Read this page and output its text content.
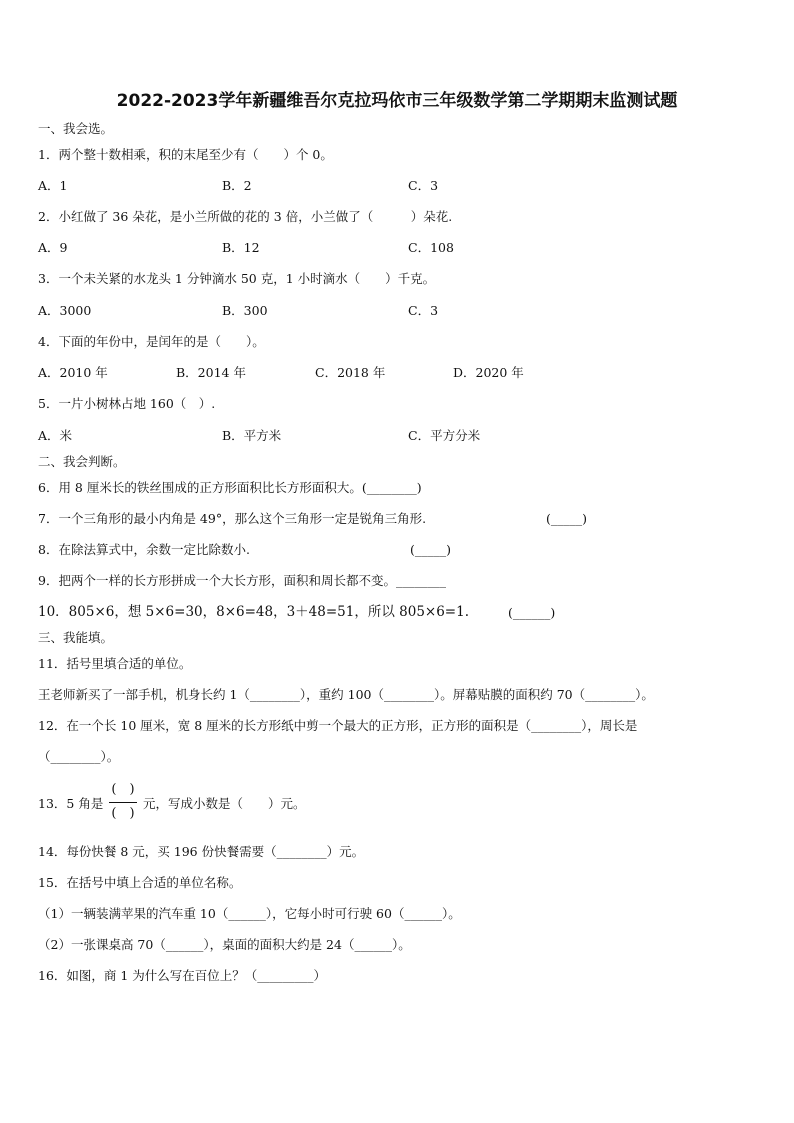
2022-2023学年新疆维吾尔克拉玛依市三年级数学第二学期期末监测试题
一、我会选。
1．两个整十数相乘，积的末尾至少有（　　）个 0。
A．1	B．2	C．3
2．小红做了 36 朵花，是小兰所做的花的 3 倍，小兰做了（　　　）朵花.
A．9	B．12	C．108
3．一个未关紧的水龙头 1 分钟滴水 50 克，1 小时滴水（　　）千克。
A．3000	B．300	C．3
4．下面的年份中，是闰年的是（　　）。
A．2010 年	B．2014 年	C．2018 年	D．2020 年
5．一片小树林占地 160（　）.
A．米	B．平方米	C．平方分米
二、我会判断。
6．用 8 厘米长的铁丝围成的正方形面积比长方形面积大。(________)
7．一个三角形的最小内角是 49°，那么这个三角形一定是锐角三角形.	(_____)
8．在除法算式中，余数一定比除数小.	(_____)
9．把两个一样的长方形拼成一个大长方形，面积和周长都不变。________
10．805×6，想 5×6=30，8×6=48，3＋48=51，所以 805×6=1.	(______)
三、我能填。
11．括号里填合适的单位。
王老师新买了一部手机，机身长约 1（________），重约 100（________）。屏幕贴膜的面积约 70（________）。
12．在一个长 10 厘米，宽 8 厘米的长方形纸中剪一个最大的正方形，正方形的面积是（________），周长是
（________）。
13．5 角是
(　)
(　)
元，写成小数是（　　）元。
14．每份快餐 8 元，买 196 份快餐需要（________）元。
15．在括号中填上合适的单位名称。
（1）一辆装满苹果的汽车重 10（______），它每小时可行驶 60（______）。
（2）一张课桌高 70（______），桌面的面积大约是 24（______）。
16．如图，商 1 为什么写在百位上？（_________）
